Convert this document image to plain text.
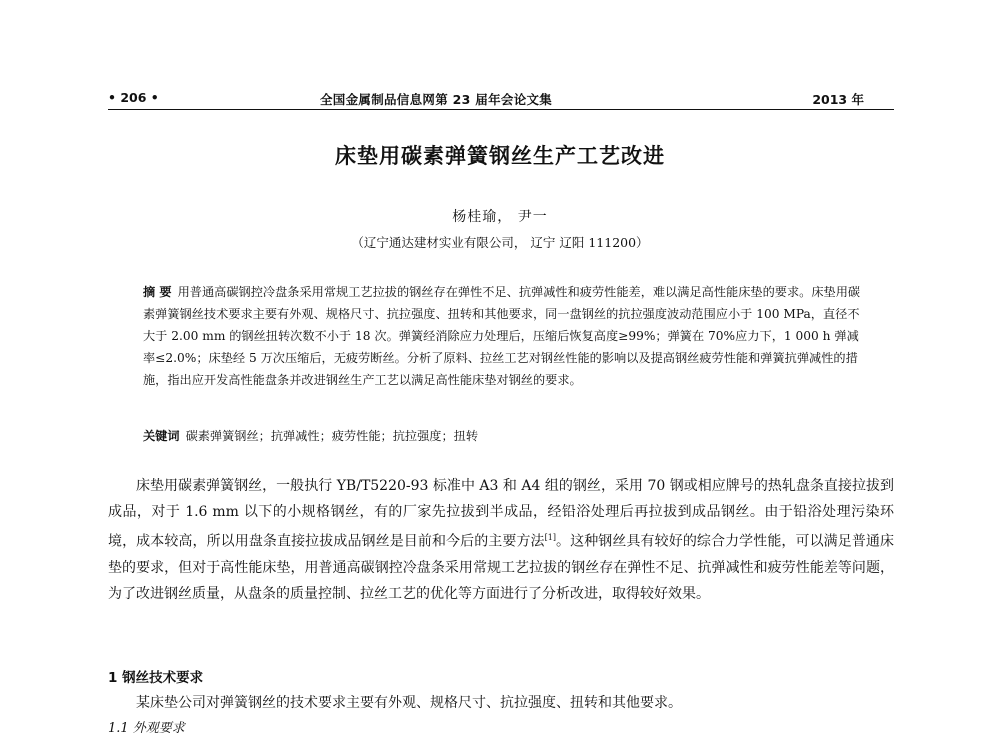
• 206 •	全国金属制品信息网第 23 届年会论文集	2013 年
床垫用碳素弹簧钢丝生产工艺改进
杨桂瑜， 尹一
（辽宁通达建材实业有限公司， 辽宁 辽阳 111200）

摘 要 用普通高碳钢控冷盘条采用常规工艺拉拔的钢丝存在弹性不足、抗弹减性和疲劳性能差，难以满足高性能床垫的要求。床垫用碳素弹簧钢丝技术要求主要有外观、规格尺寸、抗拉强度、扭转和其他要求，同一盘钢丝的抗拉强度波动范围应小于 100 MPa，直径不大于 2.00 mm 的钢丝扭转次数不小于 18 次。弹簧经消除应力处理后，压缩后恢复高度≥99%；弹簧在 70%应力下，1 000 h 弹减率≤2.0%；床垫经 5 万次压缩后，无疲劳断丝。分析了原料、拉丝工艺对钢丝性能的影响以及提高钢丝疲劳性能和弹簧抗弹减性的措施，指出应开发高性能盘条并改进钢丝生产工艺以满足高性能床垫对钢丝的要求。

关键词 碳素弹簧钢丝；抗弹减性；疲劳性能；抗拉强度；扭转

床垫用碳素弹簧钢丝，一般执行 YB/T5220-93 标准中 A3 和 A4 组的钢丝，采用 70 钢或相应牌号的热轧盘条直接拉拔到成品，对于 1.6 mm 以下的小规格钢丝，有的厂家先拉拔到半成品，经铅浴处理后再拉拔到成品钢丝。由于铅浴处理污染环境，成本较高，所以用盘条直接拉拔成品钢丝是目前和今后的主要方法[1]。这种钢丝具有较好的综合力学性能，可以满足普通床垫的要求，但对于高性能床垫，用普通高碳钢控冷盘条采用常规工艺拉拔的钢丝存在弹性不足、抗弹减性和疲劳性能差等问题，为了改进钢丝质量，从盘条的质量控制、拉丝工艺的优化等方面进行了分析改进，取得较好效果。

1 钢丝技术要求

某床垫公司对弹簧钢丝的技术要求主要有外观、规格尺寸、抗拉强度、扭转和其他要求。

1.1 外观要求
